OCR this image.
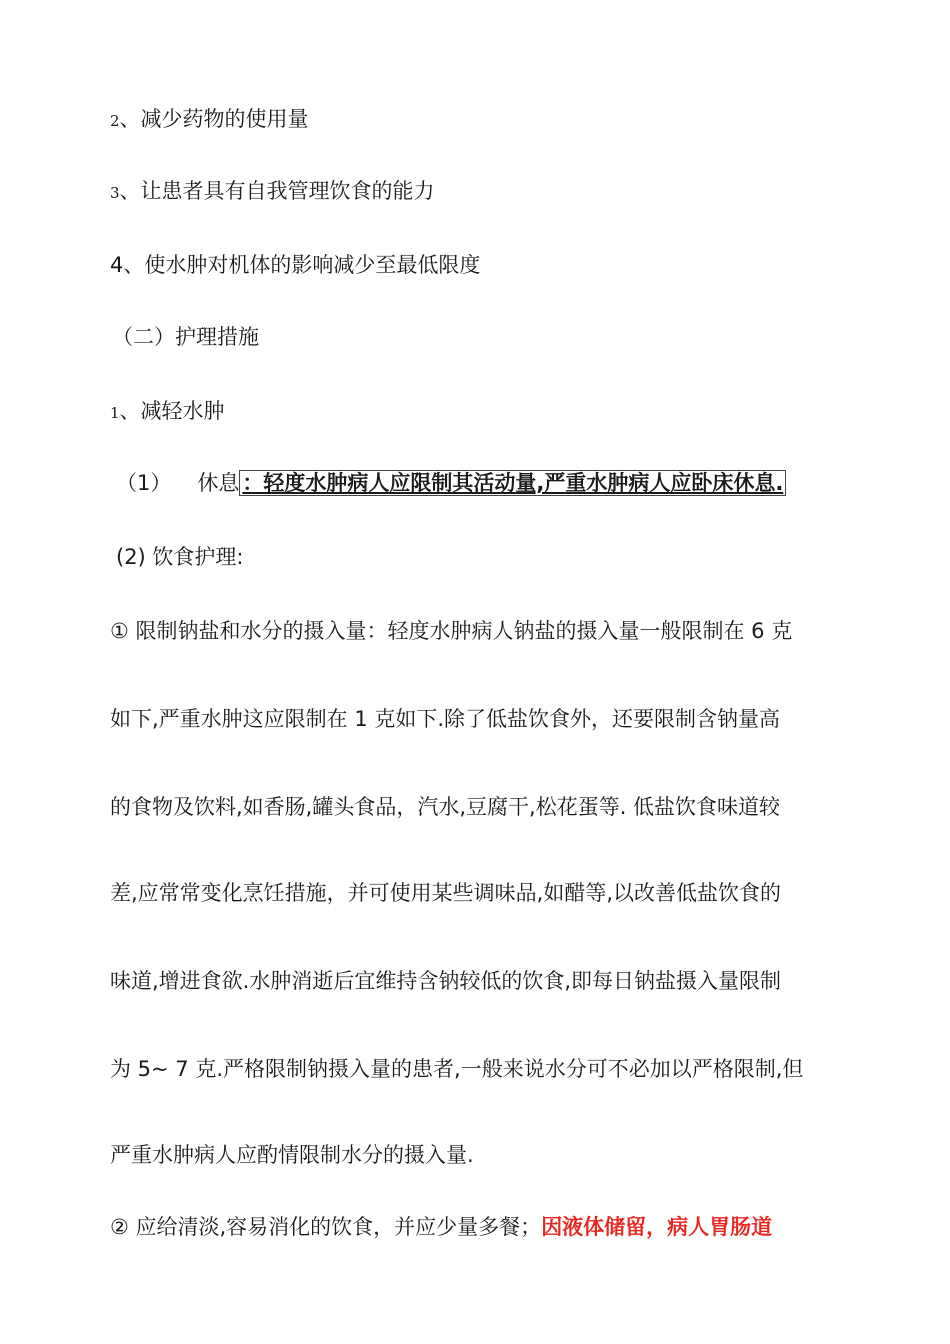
2、减少药物的使用量
3、让患者具有自我管理饮食的能力
4、使水肿对机体的影响减少至最低限度
（二）护理措施
1、减轻水肿
（1） 休息 ：轻度水肿病人应限制其活动量,严重水肿病人应卧床休息.
(2) 饮食护理:
① 限制钠盐和水分的摄入量：轻度水肿病人钠盐的摄入量一般限制在 6 克
如下,严重水肿这应限制在 1 克如下.除了低盐饮食外，还要限制含钠量高
的食物及饮料,如香肠,罐头食品，汽水,豆腐干,松花蛋等. 低盐饮食味道较
差,应常常变化烹饪措施，并可使用某些调味品,如醋等,以改善低盐饮食的
味道,增进食欲.水肿消逝后宜维持含钠较低的饮食,即每日钠盐摄入量限制
为 5~ 7 克.严格限制钠摄入量的患者,一般来说水分可不必加以严格限制,但
严重水肿病人应酌情限制水分的摄入量.
② 应给清淡,容易消化的饮食，并应少量多餐；因液体储留，病人胃肠道
